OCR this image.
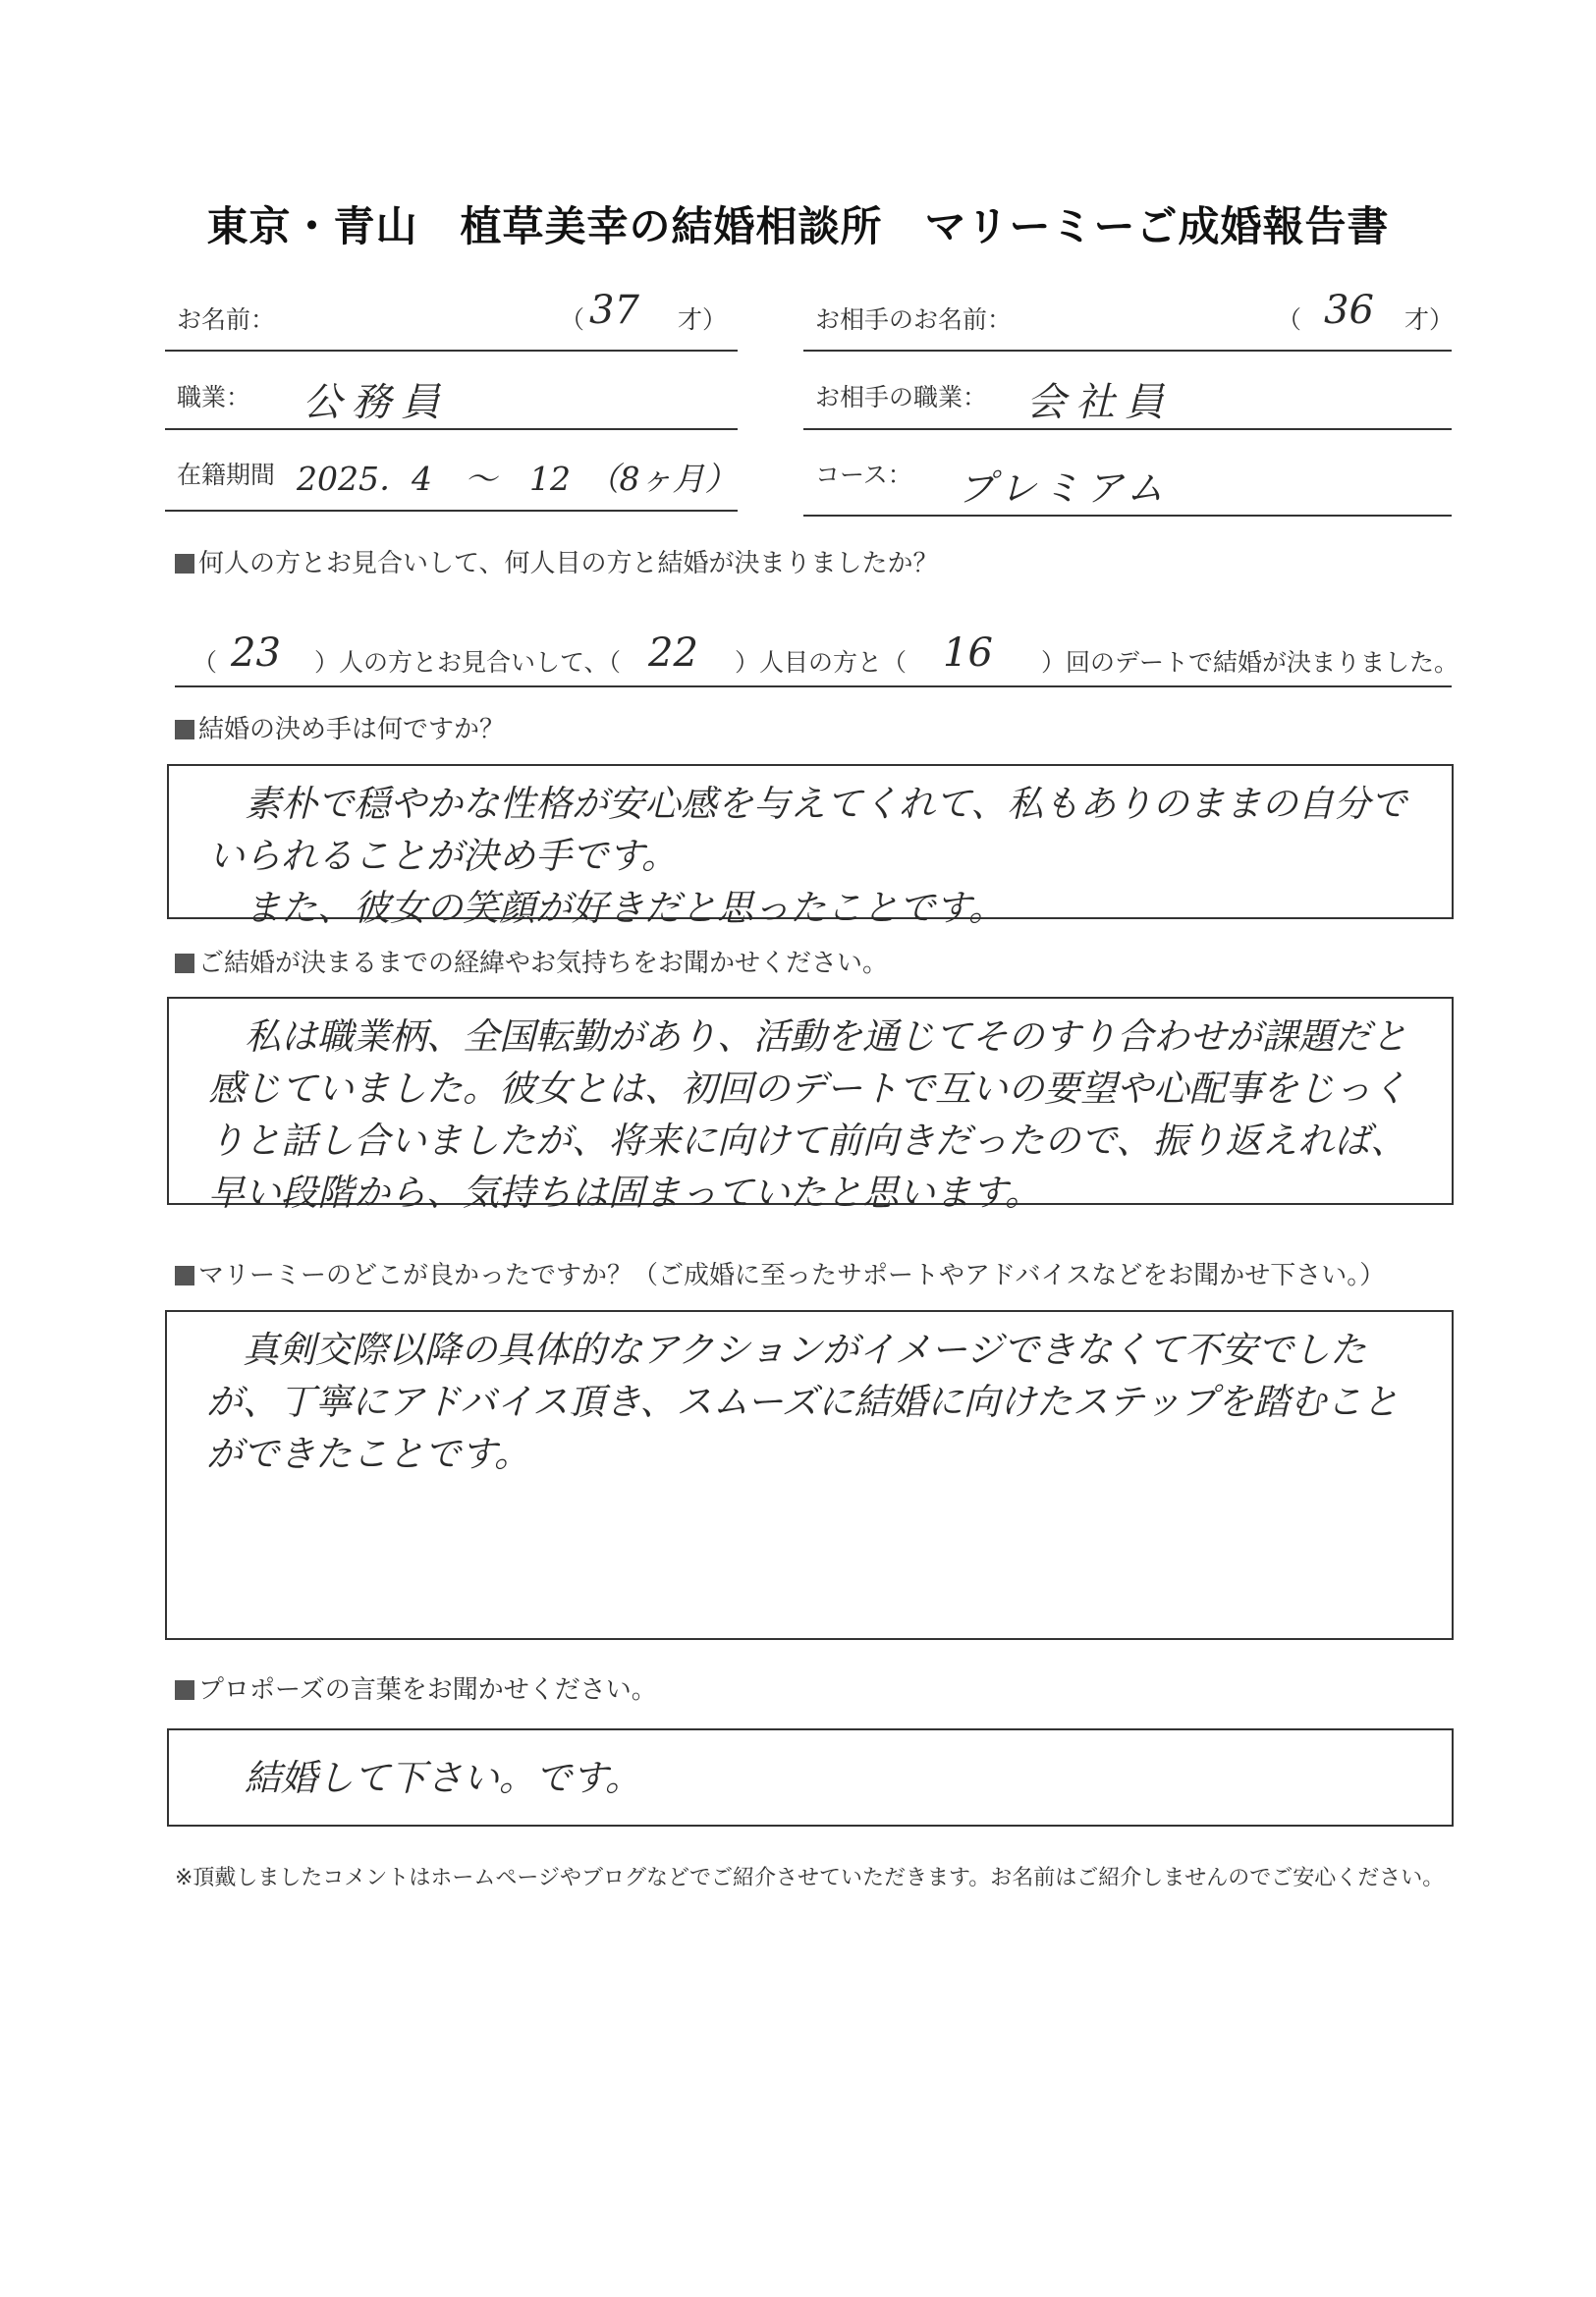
東京・青山　植草美幸の結婚相談所　マリーミーご成婚報告書
お名前：	（ 37 才）	お相手のお名前：	（ 36 才）
職業： 公務員	お相手の職業： 会社員
在籍期間 2025．4　～　12　（8ヶ月）	コース： プレミアム
何人の方とお見合いして、何人目の方と結婚が決まりましたか？
（ 23 ）人の方とお見合いして、（ 22 ）人目の方と（ 16 ）回のデートで結婚が決まりました。
結婚の決め手は何ですか？
　素朴で穏やかな性格が安心感を与えてくれて、私もありのままの自分でいられることが決め手です。
　また、彼女の笑顔が好きだと思ったことです。
ご結婚が決まるまでの経緯やお気持ちをお聞かせください。
　私は職業柄、全国転勤があり、活動を通じてそのすり合わせが課題だと感じていました。彼女とは、初回のデートで互いの要望や心配事をじっくりと話し合いましたが、将来に向けて前向きだったので、振り返えれば、早い段階から、気持ちは固まっていたと思います。
マリーミーのどこが良かったですか？（ご成婚に至ったサポートやアドバイスなどをお聞かせ下さい。）
　真剣交際以降の具体的なアクションがイメージできなくて不安でしたが、丁寧にアドバイス頂き、スムーズに結婚に向けたステップを踏むことができたことです。
プロポーズの言葉をお聞かせください。
　結婚して下さい。です。
※頂戴しましたコメントはホームページやブログなどでご紹介させていただきます。お名前はご紹介しませんのでご安心ください。
